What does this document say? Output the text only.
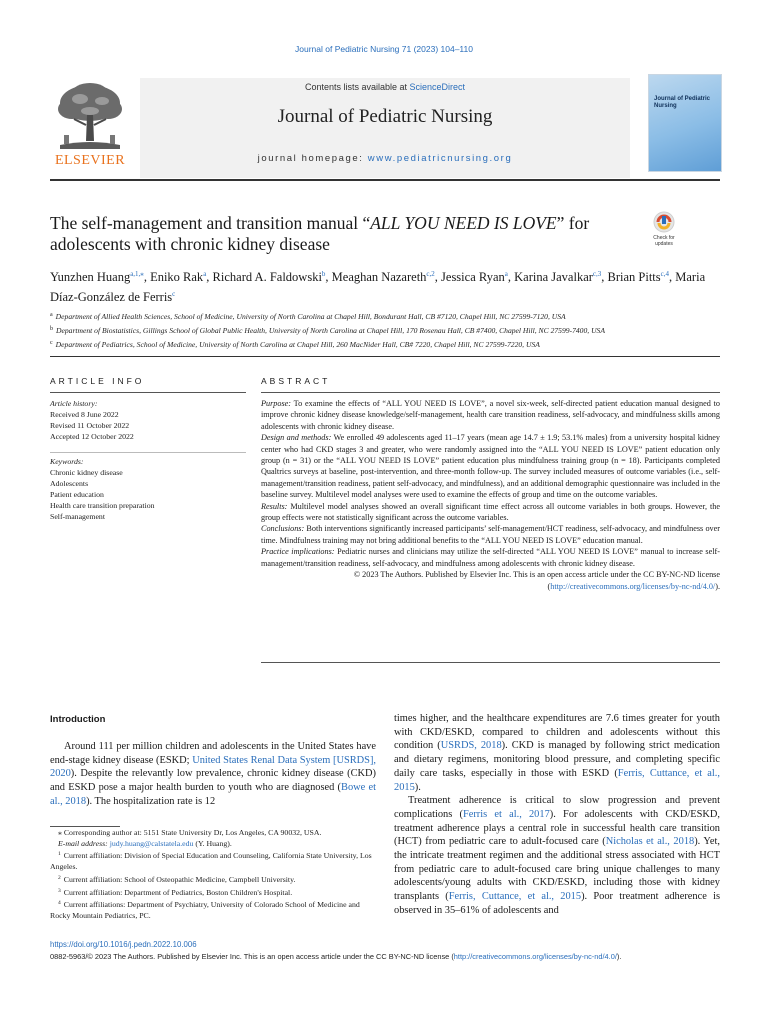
Journal of Pediatric Nursing 71 (2023) 104–110
Contents lists available at ScienceDirect
Journal of Pediatric Nursing
journal homepage: www.pediatricnursing.org
ELSEVIER
Journal of Pediatric Nursing
The self-management and transition manual “ALL YOU NEED IS LOVE” for adolescents with chronic kidney disease	Check for updates
Yunzhen Huang$^{a,1,⁎}$, Eniko Rak$^a$, Richard A. Faldowski$^b$, Meaghan Nazareth$^{c,2}$, Jessica Ryan$^a$, Karina Javalkar$^{c,3}$, Brian Pitts$^{c,4}$, Maria Díaz-González de Ferris$^c$
$^a$ Department of Allied Health Sciences, School of Medicine, University of North Carolina at Chapel Hill, Bondurant Hall, CB #7120, Chapel Hill, NC 27599-7120, USA
$^b$ Department of Biostatistics, Gillings School of Global Public Health, University of North Carolina at Chapel Hill, 170 Rosenau Hall, CB #7400, Chapel Hill, NC 27599-7400, USA
$^c$ Department of Pediatrics, School of Medicine, University of North Carolina at Chapel Hill, 260 MacNider Hall, CB# 7220, Chapel Hill, NC 27599-7220, USA
ARTICLE INFO
Article history:
Received 8 June 2022
Revised 11 October 2022
Accepted 12 October 2022
Keywords:
Chronic kidney disease
Adolescents
Patient education
Health care transition preparation
Self-management
ABSTRACT

Purpose: To examine the effects of “ALL YOU NEED IS LOVE”, a novel six-week, self-directed patient education manual designed to improve chronic kidney disease knowledge/self-management, health care transition readiness, self-advocacy, and mindfulness skills among adolescents with chronic kidney disease.

Design and methods: We enrolled 49 adolescents aged 11–17 years (mean age 14.7 ± 1.9; 53.1% males) from a university hospital kidney center who had CKD stages 3 and greater, who were randomly assigned into the “ALL YOU NEED IS LOVE” patient education only group (n = 31) or the “ALL YOU NEED IS LOVE” patient education plus mindfulness training group (n = 18). Participants completed Qualtrics surveys at baseline, post-intervention, and three-month follow-up. The survey included measures of outcome variables (i.e., self-management/transition readiness, patient self-advocacy, and mindfulness), and an additional demographic questionnaire was included in the baseline survey. Multilevel model analyses were used to examine the effects of group and time on the outcome variables.

Results: Multilevel model analyses showed an overall significant time effect across all outcome variables in both groups. However, the group effects were not statistically significant across the outcome variables.

Conclusions: Both interventions significantly increased participants’ self-management/HCT readiness, self-advocacy, and mindfulness over time. Mindfulness training may not bring additional benefits to the “ALL YOU NEED IS LOVE” education manual.

Practice implications: Pediatric nurses and clinicians may utilize the self-directed “ALL YOU NEED IS LOVE” manual to increase self-management/transition readiness, self-advocacy, and mindfulness among adolescents with chronic kidney disease.

© 2023 The Authors. Published by Elsevier Inc. This is an open access article under the CC BY-NC-ND license (http://creativecommons.org/licenses/by-nc-nd/4.0/).

Introduction

Around 111 per million children and adolescents in the United States have end-stage kidney disease (ESKD; United States Renal Data System [USRDS], 2020). Despite the relevantly low prevalence, chronic kidney disease (CKD) and ESKD pose a major health burden to youth who are diagnosed (Bowe et al., 2018). The hospitalization rate is 12

times higher, and the healthcare expenditures are 7.6 times greater for youth with CKD/ESKD, compared to children and adolescents without this condition (USRDS, 2018). CKD is managed by following strict medication and dietary regimens, monitoring blood pressure, and completing specific daily care tasks, especially in those with ESKD (Ferris, Cuttance, et al., 2015).

Treatment adherence is critical to slow progression and prevent complications (Ferris et al., 2017). For adolescents with CKD/ESKD, treatment adherence plays a central role in successful health care transition (HCT) from pediatric care to adult-focused care (Nicholas et al., 2018). Yet, the intricate treatment regimen and the additional stress associated with HCT from pediatric care to adult-focused care bring unique challenges to many adolescents/young adults with CKD/ESKD, including those with kidney transplants (Ferris, Cuttance, et al., 2015). Poor treatment adherence is observed in 35–61% of adolescents and

⁎ Corresponding author at: 5151 State University Dr, Los Angeles, CA 90032, USA.
E-mail address: judy.huang@calstatela.edu (Y. Huang).
$^1$ Current affiliation: Division of Special Education and Counseling, California State University, Los Angeles.
$^2$ Current affiliation: School of Osteopathic Medicine, Campbell University.
$^3$ Current affiliation: Department of Pediatrics, Boston Children's Hospital.
$^4$ Current affiliations: Department of Psychiatry, University of Colorado School of Medicine and Rocky Mountain Pediatrics, PC.
https://doi.org/10.1016/j.pedn.2022.10.006
0882-5963/© 2023 The Authors. Published by Elsevier Inc. This is an open access article under the CC BY-NC-ND license (http://creativecommons.org/licenses/by-nc-nd/4.0/).
